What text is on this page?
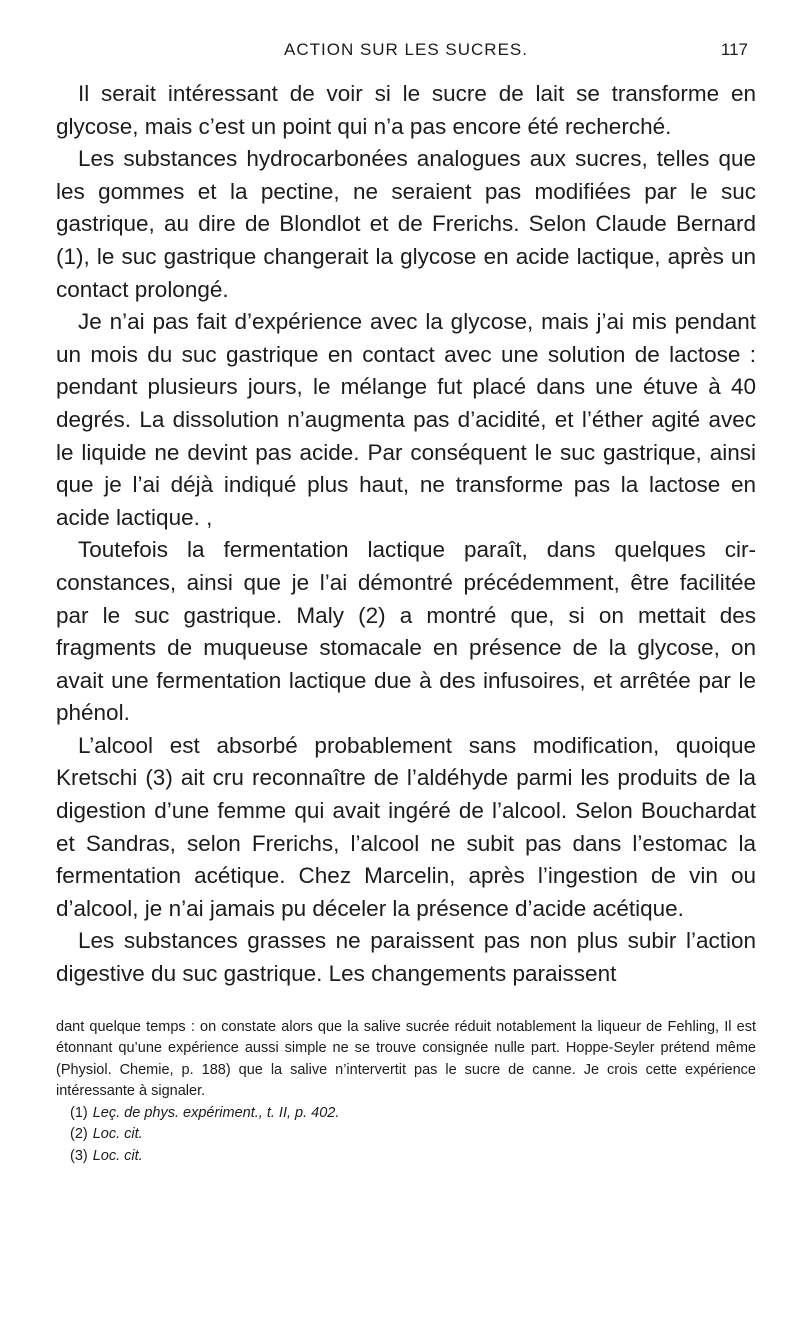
ACTION SUR LES SUCRES.	117

Il serait intéressant de voir si le sucre de lait se transforme en glycose, mais c’est un point qui n’a pas encore été recherché.

Les substances hydrocarbonées analogues aux sucres, telles que les gommes et la pectine, ne seraient pas modifiées par le suc gastrique, au dire de Blondlot et de Frerichs. Selon Claude Bernard (1), le suc gastrique changerait la glycose en acide lactique, après un contact prolongé.

Je n’ai pas fait d’expérience avec la glycose, mais j’ai mis pendant un mois du suc gastrique en contact avec une solution de lactose : pendant plusieurs jours, le mélange fut placé dans une étuve à 40 degrés. La dissolution n’augmenta pas d’acidité, et l’éther agité avec le liquide ne devint pas acide. Par conséquent le suc gastrique, ainsi que je l’ai déjà indiqué plus haut, ne transforme pas la lactose en acide lactique. ,

Toutefois la fermentation lactique paraît, dans quelques circonstances, ainsi que je l’ai démontré précédemment, être facilitée par le suc gastrique. Maly (2) a montré que, si on mettait des fragments de muqueuse stomacale en présence de la glycose, on avait une fermentation lactique due à des infusoires, et arrêtée par le phénol.

L’alcool est absorbé probablement sans modification, quoique Kretschi (3) ait cru reconnaître de l’aldéhyde parmi les produits de la digestion d’une femme qui avait ingéré de l’alcool. Selon Bouchardat et Sandras, selon Frerichs, l’alcool ne subit pas dans l’estomac la fermentation acétique. Chez Marcelin, après l’ingestion de vin ou d’alcool, je n’ai jamais pu déceler la présence d’acide acétique.

Les substances grasses ne paraissent pas non plus subir l’action digestive du suc gastrique. Les changements paraissent

dant quelque temps : on constate alors que la salive sucrée réduit notablement la liqueur de Fehling, Il est étonnant qu’une expérience aussi simple ne se trouve consignée nulle part. Hoppe-Seyler prétend même (Physiol. Chemie, p. 188) que la salive n’intervertit pas le sucre de canne. Je crois cette expérience intéressante à signaler.

(1) Leç. de phys. expériment., t. II, p. 402.

(2) Loc. cit.

(3) Loc. cit.
